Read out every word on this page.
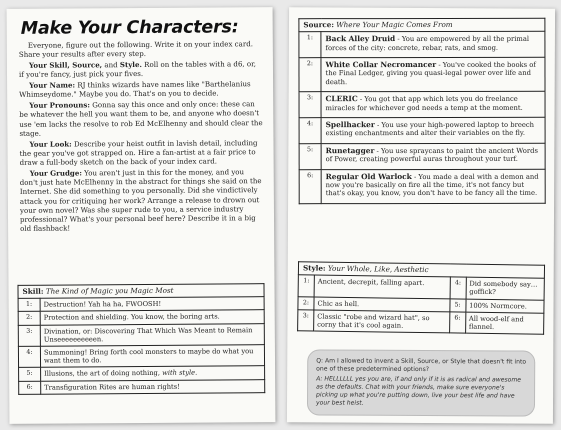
Make Your Characters:

Everyone, figure out the following. Write it on your index card. Share your results after every step.

Your Skill, Source, and Style. Roll on the tables with a d6, or, if you're fancy, just pick your fives.

Your Name: RJ thinks wizards have names like "Barthelanius Whimseydome." Maybe you do. That's on you to decide.

Your Pronouns: Gonna say this once and only once: these can be whatever the hell you want them to be, and anyone who doesn't use 'em lacks the resolve to rob Ed McElhenny and should clear the stage.

Your Look: Describe your heist outfit in lavish detail, including the gear you've got strapped on. Hire a fan-artist at a fair price to draw a full-body sketch on the back of your index card.

Your Grudge: You aren't just in this for the money, and you don't just hate McElhenny in the abstract for things she said on the Internet. She did something to you personally. Did she vindictively attack you for critiquing her work? Arrange a release to drown out your own novel? Was she super rude to you, a service industry professional? What's your personal beef here? Describe it in a big old flashback!

Skill: The Kind of Magic you Magic Most	
1:	Destruction! Yah ha ha, FWOOSH!
2:	Protection and shielding. You know, the boring arts.
3:	Divination, or: Discovering That Which Was Meant to Remain Unseeeeeeeeeen.
4:	Summoning! Bring forth cool monsters to maybe do what you want them to do.
5:	Illusions, the art of doing nothing, with style.
6:	Transfiguration Rites are human rights!
Source: Where Your Magic Comes From	
1:	Back Alley Druid - You are empowered by all the primal forces of the city: concrete, rebar, rats, and smog.
2:	White Collar Necromancer - You've cooked the books of the Final Ledger, giving you quasi-legal power over life and death.
3:	CLERIC - You got that app which lets you do freelance miracles for whichever god needs a temp at the moment.
4:	Spellhacker - You use your high-powered laptop to breech existing enchantments and alter their variables on the fly.
5:	Runetagger - You use spraycans to paint the ancient Words of Power, creating powerful auras throughout your turf.
6:	Regular Old Warlock - You made a deal with a demon and now you're basically on fire all the time, it's not fancy but that's okay, you know, you don't have to be fancy all the time.
Style: Your Whole, Like, Aesthetic			
1:	Ancient, decrepit, falling apart.	4:	Did somebody say… goffick?
2:	Chic as hell.	5:	100% Normcore.
3:	Classic "robe and wizard hat", so corny that it's cool again.	6:	All wood-elf and flannel.
Q: Am I allowed to invent a Skill, Source, or Style that doesn't fit into one of these predetermined options?
A: HELLLLLL yes you are, if and only if it is as radical and awesome as the defaults. Chat with your friends, make sure everyone's picking up what you're putting down, live your best life and have your best heist.
